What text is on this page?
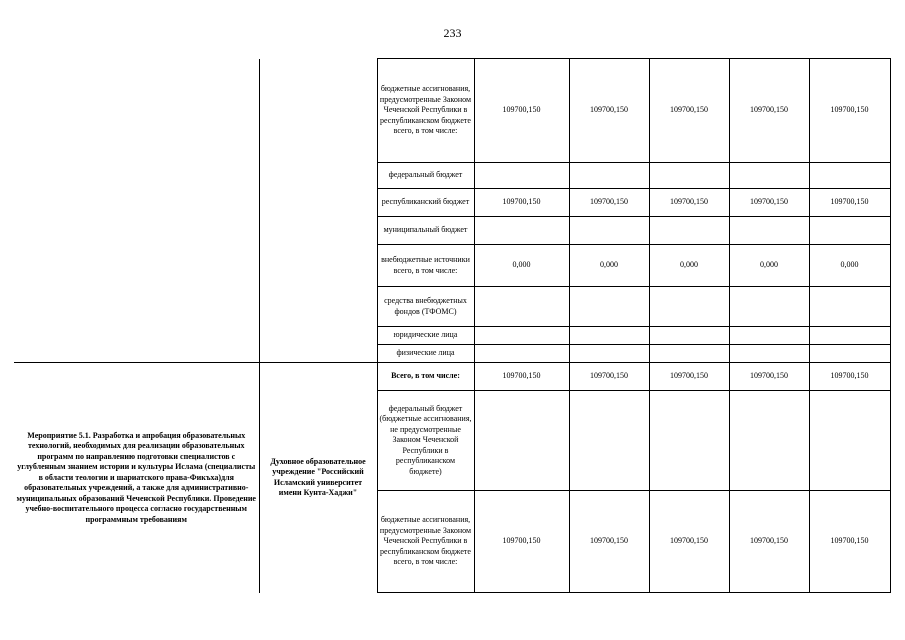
233
		бюджетные ассигнования, предусмотренные Законом Чеченской Республики в республиканском бюджете всего, в том числе:	109700,150	109700,150	109700,150	109700,150	109700,150
		федеральный бюджет					
		республиканский бюджет	109700,150	109700,150	109700,150	109700,150	109700,150
		муниципальный бюджет					
		внебюджетные источники всего, в том числе:	0,000	0,000	0,000	0,000	0,000
		средства внебюджетных фондов (ТФОМС)					
		юридические лица					
		физические лица					
Мероприятие 5.1. Разработка и апробация образовательных технологий, необходимых для реализации образовательных программ по направлению подготовки специалистов с углубленным знанием истории и культуры Ислама (специалисты в области теологии и шариатского права-Фикъха)для образовательных учреждений, а также для административно-муниципальных образований Чеченской Республики. Проведение учебно-воспитательного процесса согласно государственным программным требованиям	Духовное образовательное учреждение "Российский Исламский университет имени Кунта-Хаджи"	Всего, в том числе:	109700,150	109700,150	109700,150	109700,150	109700,150
		федеральный бюджет (бюджетные ассигнования, не предусмотренные Законом Чеченской Республики в республиканском бюджете)					
		бюджетные ассигнования, предусмотренные Законом Чеченской Республики в республиканском бюджете всего, в том числе:	109700,150	109700,150	109700,150	109700,150	109700,150
